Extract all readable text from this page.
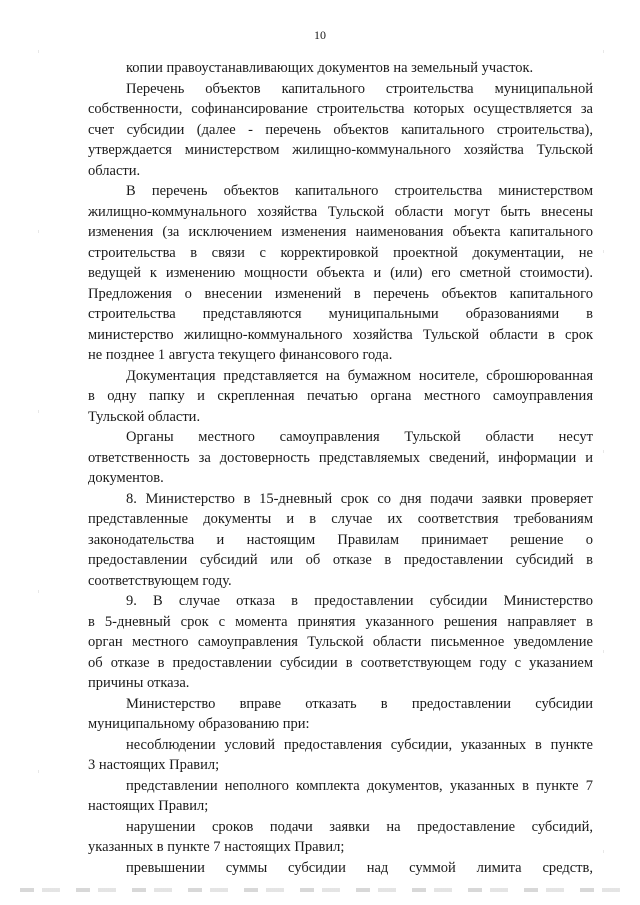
10
копии правоустанавливающих документов на земельный участок.
Перечень объектов капитального строительства муниципальной
собственности, софинансирование строительства которых осуществляется за
счет субсидии (далее - перечень объектов капитального строительства),
утверждается министерством жилищно-коммунального хозяйства Тульской
области.
В перечень объектов капитального строительства министерством
жилищно-коммунального хозяйства Тульской области могут быть внесены
изменения (за исключением изменения наименования объекта капитального
строительства в связи с корректировкой проектной документации, не
ведущей к изменению мощности объекта и (или) его сметной стоимости).
Предложения о внесении изменений в перечень объектов капитального
строительства представляются муниципальными образованиями в
министерство жилищно-коммунального хозяйства Тульской области в срок
не позднее 1 августа текущего финансового года.
Документация представляется на бумажном носителе, сброшюрованная
в одну папку и скрепленная печатью органа местного самоуправления
Тульской области.
Органы местного самоуправления Тульской области несут
ответственность за достоверность представляемых сведений, информации и
документов.
8. Министерство в 15-дневный срок со дня подачи заявки проверяет
представленные документы и в случае их соответствия требованиям
законодательства и настоящим Правилам принимает решение о
предоставлении субсидий или об отказе в предоставлении субсидий в
соответствующем году.
9. В случае отказа в предоставлении субсидии Министерство
в 5-дневный срок с момента принятия указанного решения направляет в
орган местного самоуправления Тульской области письменное уведомление
об отказе в предоставлении субсидии в соответствующем году с указанием
причины отказа.
Министерство вправе отказать в предоставлении субсидии
муниципальному образованию при:
несоблюдении условий предоставления субсидии, указанных в пункте
3 настоящих Правил;
представлении неполного комплекта документов, указанных в пункте 7
настоящих Правил;
нарушении сроков подачи заявки на предоставление субсидий,
указанных в пункте 7 настоящих Правил;
превышении суммы субсидии над суммой лимита средств,
